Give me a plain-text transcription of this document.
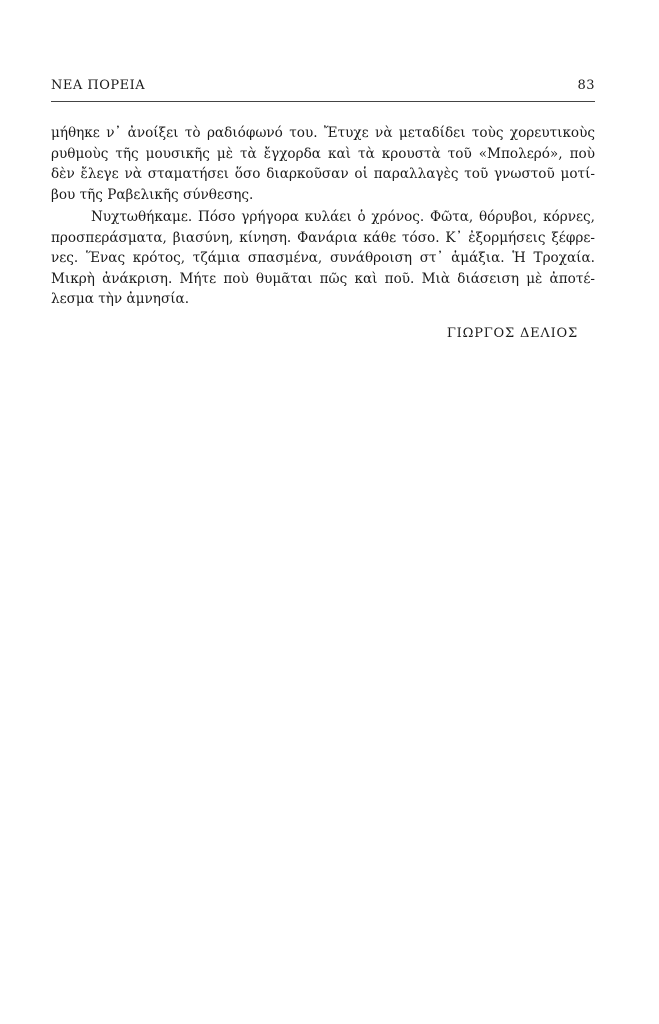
ΝΕΑ ΠΟΡΕΙΑ	83
μήθηκε ν᾿ ἀνοίξει τὸ ραδιόφωνό του. Ἔτυχε νὰ μεταδίδει τοὺς χορευτικοὺς
ρυθμοὺς τῆς μουσικῆς μὲ τὰ ἔγχορδα καὶ τὰ κρουστὰ τοῦ «Μπολερό», ποὺ
δὲν ἔλεγε νὰ σταματήσει ὅσο διαρκοῦσαν οἱ παραλλαγὲς τοῦ γνωστοῦ μοτί-
βου τῆς Ραβελικῆς σύνθεσης.
Νυχτωθήκαμε. Πόσο γρήγορα κυλάει ὁ χρόνος. Φῶτα, θόρυβοι, κόρνες,
προσπεράσματα, βιασύνη, κίνηση. Φανάρια κάθε τόσο. Κ᾿ ἐξορμήσεις ξέφρε-
νες. Ἕνας κρότος, τζάμια σπασμένα, συνάθροιση στ᾿ ἁμάξια. Ἡ Τροχαία.
Μικρὴ ἀνάκριση. Μήτε ποὺ θυμᾶται πῶς καὶ ποῦ. Μιὰ διάσειση μὲ ἀποτέ-
λεσμα τὴν ἀμνησία.
ΓΙΩΡΓΟΣ ΔΕΛΙΟΣ
